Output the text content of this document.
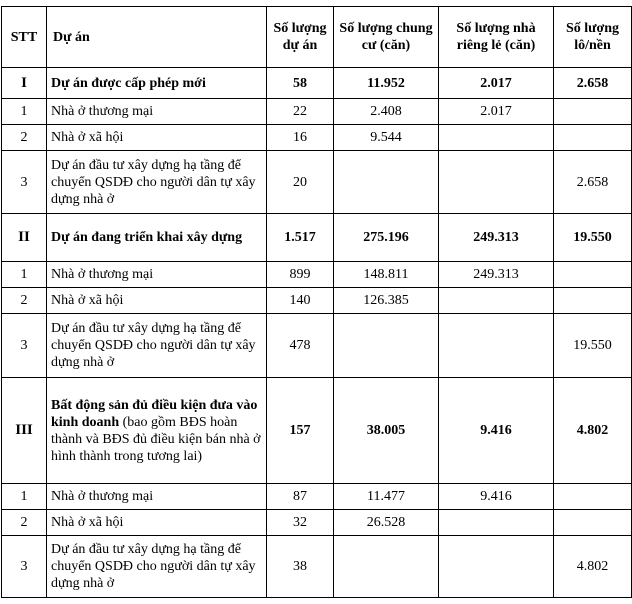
STT	Dự án	Số lượng dự án	Số lượng chung cư (căn)	Số lượng nhà riêng lẻ (căn)	Số lượng lô/nền
I	Dự án được cấp phép mới	58	11.952	2.017	2.658
1	Nhà ở thương mại	22	2.408	2.017	
2	Nhà ở xã hội	16	9.544		
3	Dự án đầu tư xây dựng hạ tầng để chuyển QSDĐ cho người dân tự xây dựng nhà ở	20			2.658
II	Dự án đang triển khai xây dựng	1.517	275.196	249.313	19.550
1	Nhà ở thương mại	899	148.811	249.313	
2	Nhà ở xã hội	140	126.385		
3	Dự án đầu tư xây dựng hạ tầng để chuyển QSDĐ cho người dân tự xây dựng nhà ở	478			19.550
III	Bất động sản đủ điều kiện đưa vào kinh doanh (bao gồm BĐS hoàn thành và BĐS đủ điều kiện bán nhà ở hình thành trong tương lai)	157	38.005	9.416	4.802
1	Nhà ở thương mại	87	11.477	9.416	
2	Nhà ở xã hội	32	26.528		
3	Dự án đầu tư xây dựng hạ tầng để chuyển QSDĐ cho người dân tự xây dựng nhà ở	38			4.802
